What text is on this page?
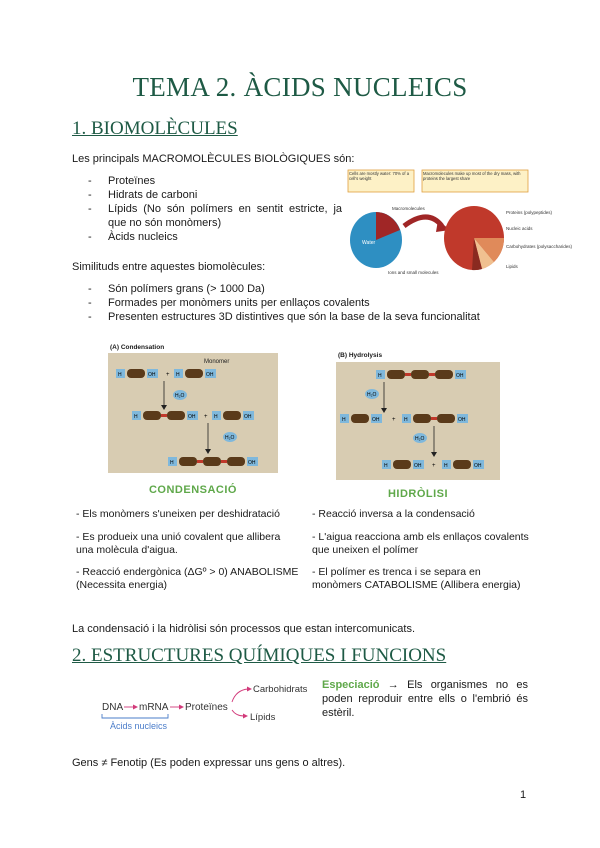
TEMA 2. ÀCIDS NUCLEICS
1. BIOMOLÈCULES
Les principals MACROMOLÈCULES BIOLÒGIQUES són:
- Proteïnes
- Hidrats de carboni
- Lípids (No són polímers en sentit estricte, ja que no són monòmers)
- Àcids nucleics
Cells are mostly water: 70% of a cell's weight
Macromolecules make up most of the dry mass, with proteins the largest share
Water
Macromolecules
Ions and small molecules
Proteins (polypeptides)
Nucleic acids
Carbohydrates (polysaccharides)
Lipids
Similituds entre aquestes biomolècules:
- Són polímers grans (> 1000 Da)
- Formades per monòmers units per enllaços covalents
- Presenten estructures 3D distintives que són la base de la seva funcionalitat
(A) Condensation
Monomer
H	OH + H	OH
H₂O
H	OH + H	OH
H₂O
H	OH
CONDENSACIÓ
(B) Hydrolysis
H	OH
H₂O
H	OH + H	OH
H₂O
H	OH + H	OH
HIDRÒLISI
- Els monòmers s'uneixen per deshidratació
- Es produeix una unió covalent que allibera una molècula d'aigua.
- Reacció endergònica (ΔGº > 0) ANABOLISME (Necessita energia)
- Reacció inversa a la condensació
- L'aigua reacciona amb els enllaços covalents que uneixen el polímer
- El polímer es trenca i se separa en monòmers CATABOLISME (Allibera energia)
La condensació i la hidròlisi són processos que estan intercomunicats.
2. ESTRUCTURES QUÍMIQUES I FUNCIONS
DNA mRNA Proteïnes
Àcids nucleics
Carbohidrats
Lípids
Especiació → Els organismes no es poden reproduir entre ells o l'embrió és estèril.
Gens ≠ Fenotip (Es poden expressar uns gens o altres).
1
